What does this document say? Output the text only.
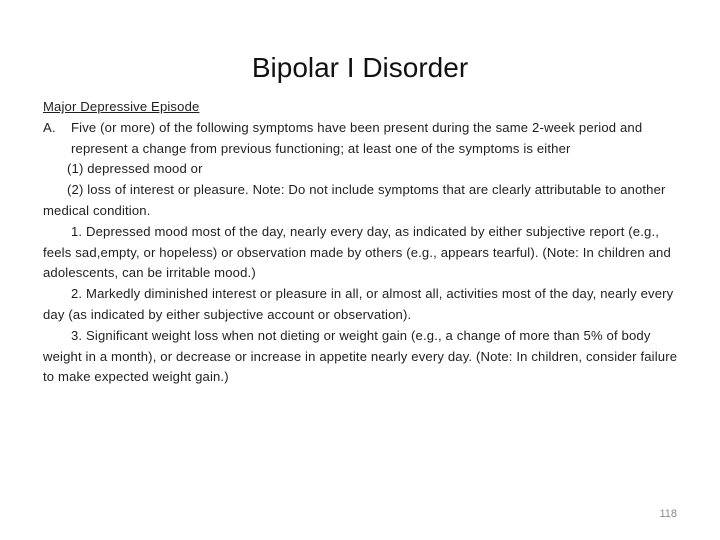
Bipolar I Disorder

Major Depressive Episode

A.	Five (or more) of the following symptoms have been present during the same 2-week period and represent a change from previous functioning; at least one of the symptoms is either

(1) depressed mood or

(2) loss of interest or pleasure. Note: Do not include symptoms that are clearly attributable to another medical condition.

1. Depressed mood most of the day, nearly every day, as indicated by either subjective report (e.g., feels sad,empty, or hopeless) or observation made by others (e.g., appears tearful). (Note: In children and adolescents, can be irritable mood.)

2. Markedly diminished interest or pleasure in all, or almost all, activities most of the day, nearly every day (as indicated by either subjective account or observation).

3. Significant weight loss when not dieting or weight gain (e.g., a change of more than 5% of body weight in a month), or decrease or increase in appetite nearly every day. (Note: In children, consider failure to make expected weight gain.)

118
